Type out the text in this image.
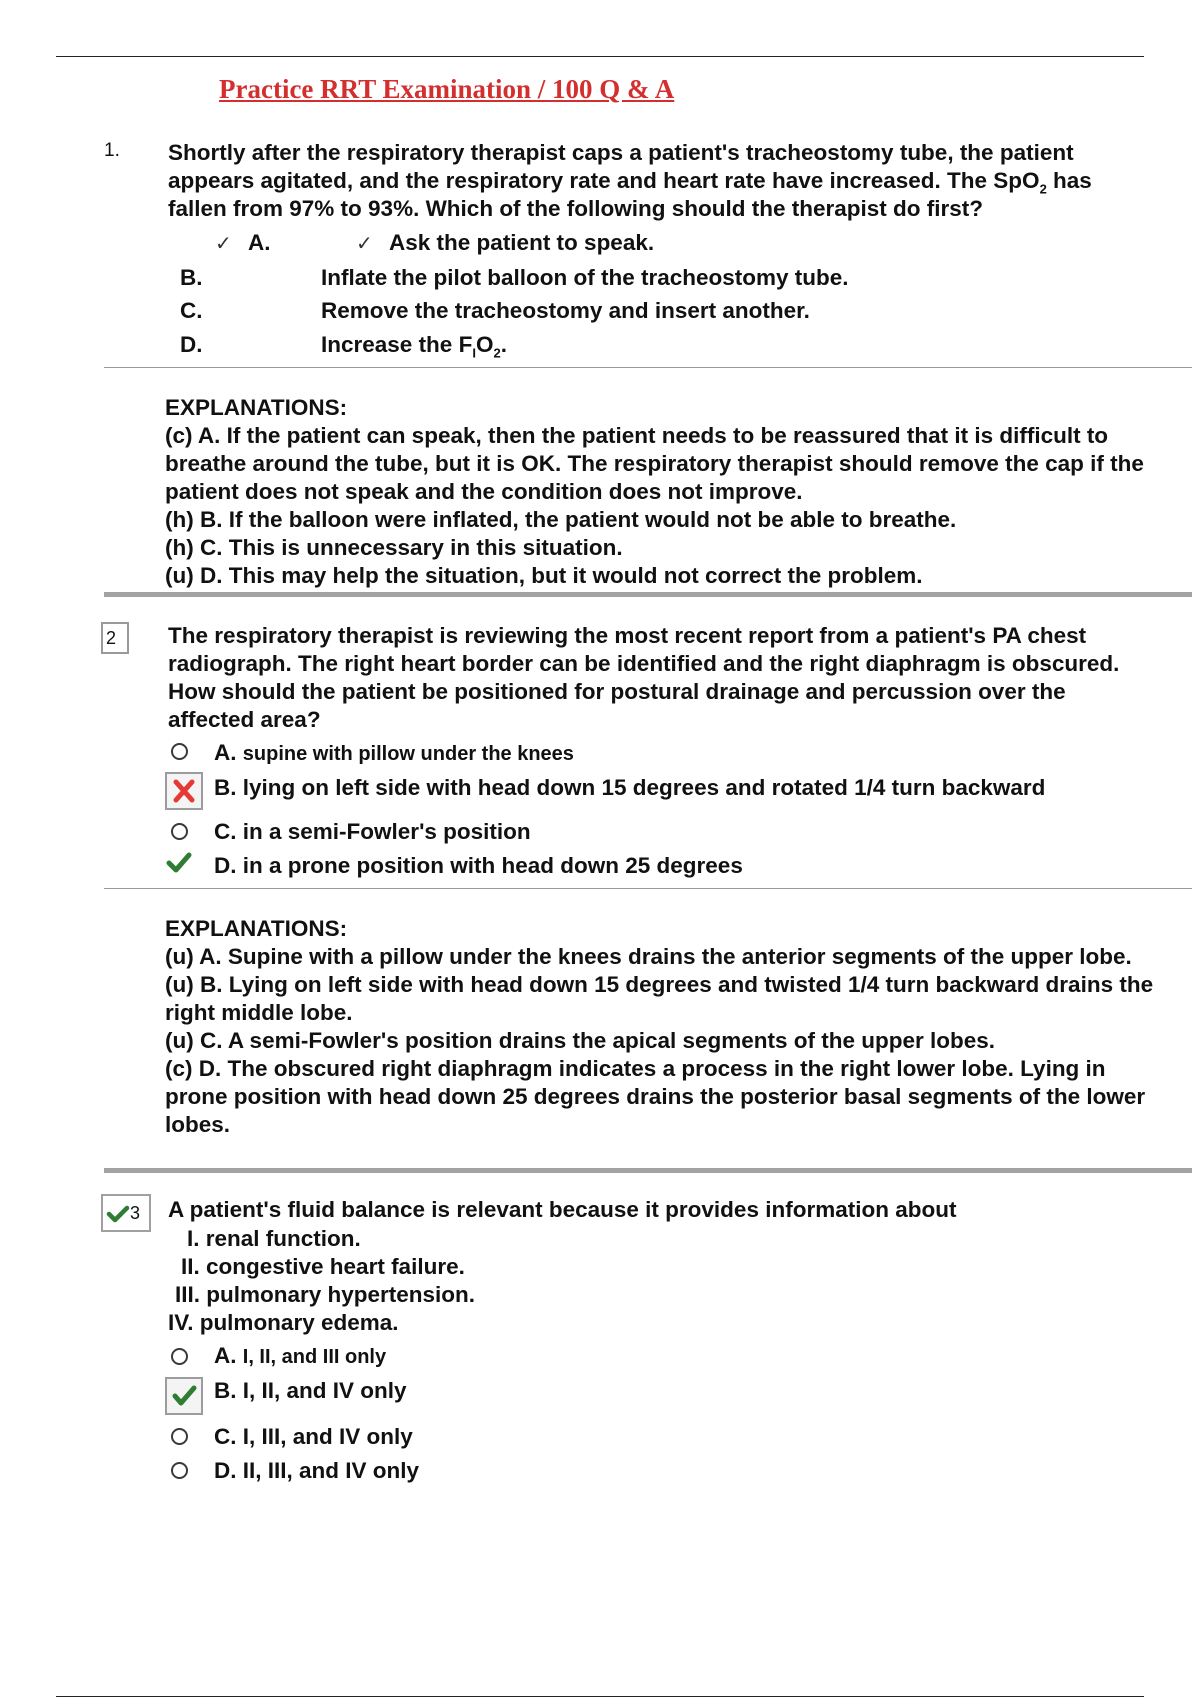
Practice RRT Examination / 100 Q & A
1. Shortly after the respiratory therapist caps a patient's tracheostomy tube, the patient appears agitated, and the respiratory rate and heart rate have increased. The SpO$_2$ has fallen from 97% to 93%. Which of the following should the therapist do first?

✓ A.	✓ Ask the patient to speak.
B.	Inflate the pilot balloon of the tracheostomy tube.
C.	Remove the tracheostomy and insert another.
D.	Increase the $F_IO_2$.

EXPLANATIONS:

(c) A. If the patient can speak, then the patient needs to be reassured that it is difficult to breathe around the tube, but it is OK. The respiratory therapist should remove the cap if the patient does not speak and the condition does not improve.

(h) B. If the balloon were inflated, the patient would not be able to breathe.

(h) C. This is unnecessary in this situation.

(u) D. This may help the situation, but it would not correct the problem.

2	The respiratory therapist is reviewing the most recent report from a patient's PA chest radiograph. The right heart border can be identified and the right diaphragm is obscured. How should the patient be positioned for postural drainage and percussion over the affected area?

A. supine with pillow under the knees
B. lying on left side with head down 15 degrees and rotated 1/4 turn backward
C. in a semi-Fowler's position
D. in a prone position with head down 25 degrees

EXPLANATIONS:

(u) A. Supine with a pillow under the knees drains the anterior segments of the upper lobe.

(u) B. Lying on left side with head down 15 degrees and twisted 1/4 turn backward drains the right middle lobe.

(u) C. A semi-Fowler's position drains the apical segments of the upper lobes.

(c) D. The obscured right diaphragm indicates a process in the right lower lobe. Lying in prone position with head down 25 degrees drains the posterior basal segments of the lower lobes.

3 A patient's fluid balance is relevant because it provides information about

I. renal function.
II. congestive heart failure.
III. pulmonary hypertension.
IV. pulmonary edema.
A. I, II, and III only
B. I, II, and IV only
C. I, III, and IV only
D. II, III, and IV only
